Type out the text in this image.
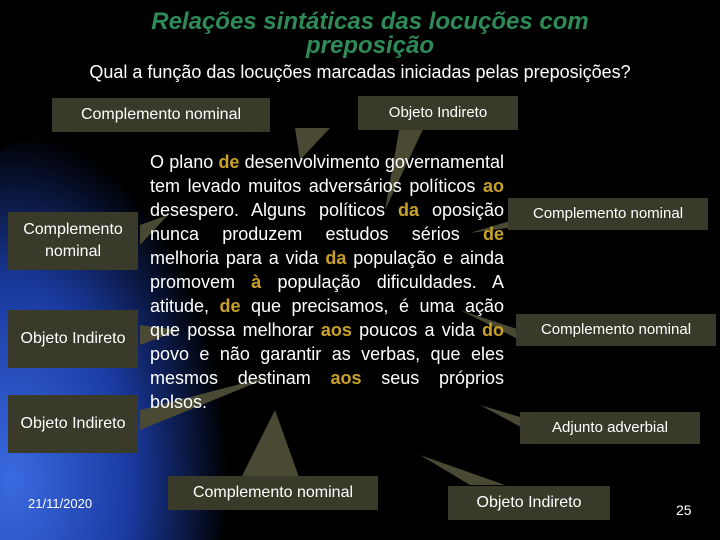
Relações sintáticas das locuções com
preposição
Qual a função das locuções marcadas iniciadas pelas preposições?
Complemento nominal	Objeto Indireto
Complemento nominal
Objeto Indireto
Objeto Indireto
Complemento nominal
Objeto Indireto
Complemento nominal
Complemento nominal
Adjunto adverbial
O plano de desenvolvimento governamental tem levado muitos adversários políticos ao desespero. Alguns políticos da oposição nunca produzem estudos sérios de melhoria para a vida da população e ainda promovem à população dificuldades. A atitude, de que precisamos, é uma ação que possa melhorar aos poucos a vida do povo e não garantir as verbas, que eles mesmos destinam aos seus próprios bolsos.
21/11/2020	25
